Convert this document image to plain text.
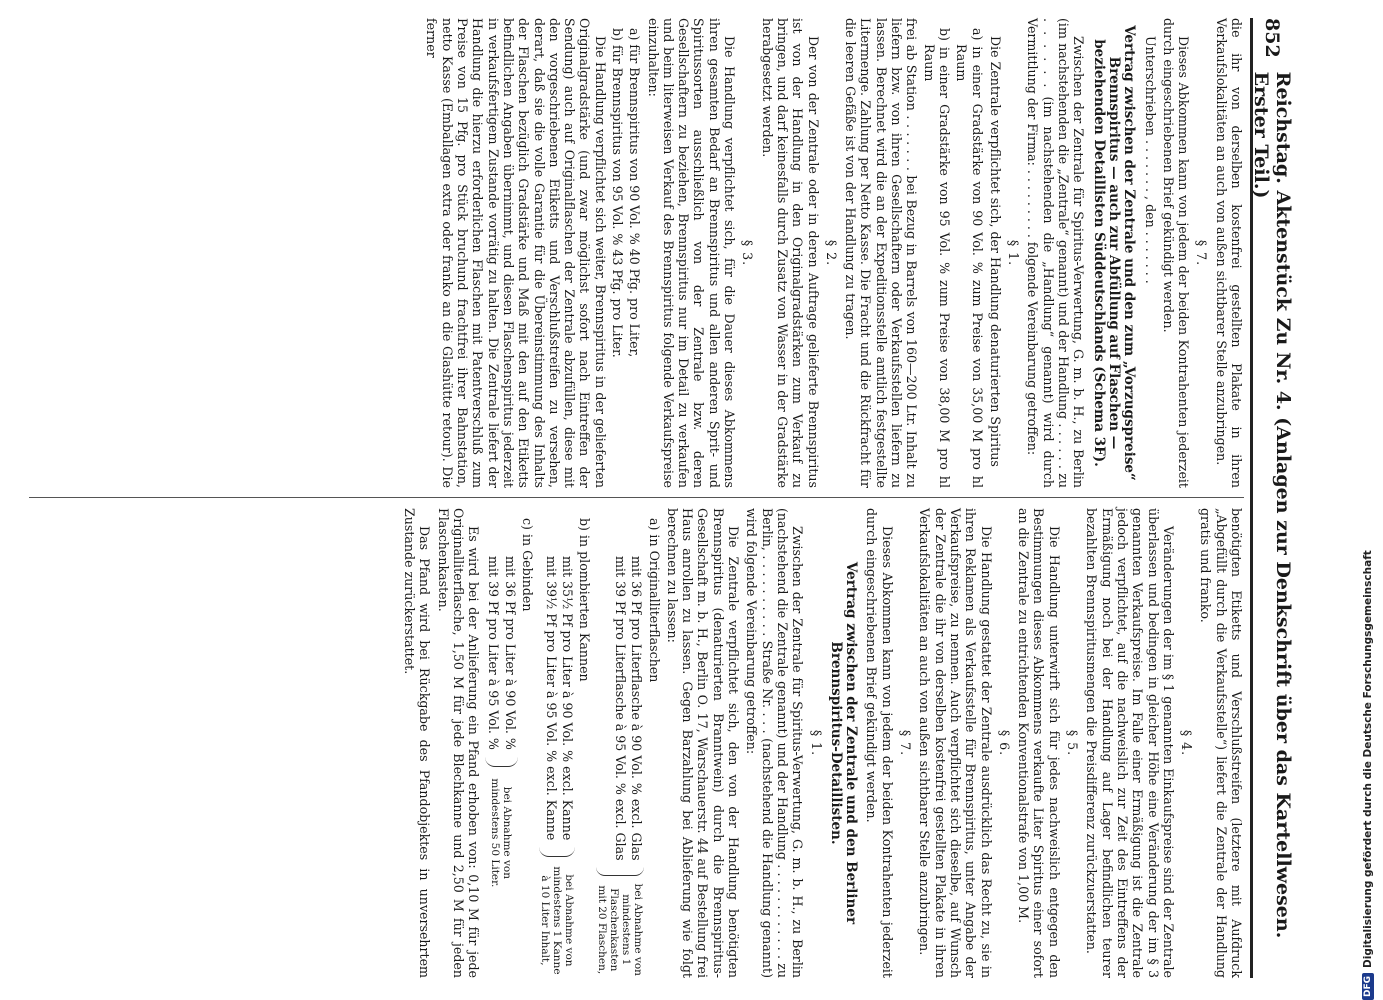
852
Reichstag. Aktenstück Zu Nr. 4. (Anlagen zur Denkschrift über das Kartellwesen. Erster Teil.)

die ihr von derselben kostenfrei gestellten Plakate in ihren Verkaufslokalitäten an auch von außen sichtbarer Stelle anzubringen.

§ 7.

Dieses Abkommen kann von jedem der beiden Kontrahenten jederzeit durch eingeschriebenen Brief gekündigt werden.

Unterschrieben . . . . . . . , den . . . . . . .

Vertrag zwischen der Zentrale und den zum „Vorzugspreise“ Brennspiritus — auch zur Abfüllung auf Flaschen — beziehenden Detaillisten Süddeutschlands (Schema 3F).

Zwischen der Zentrale für Spiritus-Verwertung, G. m. b. H., zu Berlin (im nachstehenden die „Zentrale“ genannt) und der Handlung . . . . . . zu . . . . . . (im nachstehenden die „Handlung“ genannt) wird durch Vermittlung der Firma: . . . . . . . . . folgende Vereinbarung getroffen:

§ 1.

Die Zentrale verpflichtet sich, der Handlung denaturierten Spiritus

a) in einer Gradstärke von 90 Vol. % zum Preise von 35,00 M pro hl Raum
b) in einer Gradstärke von 95 Vol. % zum Preise von 38,00 M pro hl Raum

frei ab Station . . . . . . . bei Bezug in Barrels von 160—200 Ltr. Inhalt zu liefern bzw. von ihren Gesellschaftern oder Verkaufsstellen liefern zu lassen. Berechnet wird die an der Expeditionsstelle amtlich festgestellte Litermenge. Zahlung per Netto Kasse. Die Fracht und die Rückfracht für die leeren Gefäße ist von der Handlung zu tragen.

§ 2.

Der von der Zentrale oder in deren Auftrage gelieferte Brennspiritus ist von der Handlung in den Originalgradstärken zum Verkauf zu bringen, und darf keinesfalls durch Zusatz von Wasser in der Gradstärke herabgesetzt werden.

§ 3.

Die Handlung verpflichtet sich, für die Dauer dieses Abkommens ihren gesamten Bedarf an Brennspiritus und allen anderen Sprit- und Spiritussorten ausschließlich von der Zentrale bzw. deren Gesellschaftern zu beziehen, Brennspiritus nur im Detail zu verkaufen und beim literweisen Verkauf des Brennspiritus folgende Verkaufspreise einzuhalten:

a) für Brennspiritus von 90 Vol. % 40 Pfg. pro Liter,
b) für Brennspiritus von 95 Vol. % 43 Pfg. pro Liter.

Die Handlung verpflichtet sich weiter, Brennspiritus in der gelieferten Originalgradstärke (und zwar möglichst sofort nach Eintreffen der Sendung) auch auf Originalflaschen der Zentrale abzufüllen, diese mit den vorgeschriebenen Etiketts und Verschlußstreifen zu versehen, derart, daß sie die volle Garantie für die Übereinstimmung des Inhalts der Flaschen bezüglich Gradstärke und Maß mit den auf den Etiketts befindlichen Angaben übernimmt, und diesen Flaschenspiritus jederzeit in verkaufsfertigem Zustande vorrätig zu halten. Die Zentrale liefert der Handlung die hierzu erforderlichen Flaschen mit Patentverschluß zum Preise von 15 Pfg. pro Stück bruchund frachtfrei ihrer Bahnstation, netto Kasse (Emballagen extra oder franko an die Glashütte retour). Die ferner

benötigten Etiketts und Verschlußstreifen (letztere mit Aufdruck „Abgefüllt durch die Verkaufsstelle“) liefert die Zentrale der Handlung gratis und franko.

§ 4.

Veränderungen der im § 1 genannten Einkaufspreise sind der Zentrale überlassen und bedingen in gleicher Höhe eine Veränderung der im § 3 genannten Verkaufspreise. Im Falle einer Ermäßigung ist die Zentrale jedoch verpflichtet, auf die nachweislich zur Zeit des Eintreffens der Ermäßigung noch bei der Handlung auf Lager befindlichen teurer bezahlten Brennspiritusmengen die Preisdifferenz zurückzuerstatten.

§ 5.

Die Handlung unterwirft sich für jedes nachweislich entgegen den Bestimmungen dieses Abkommens verkaufte Liter Spiritus einer sofort an die Zentrale zu entrichtenden Konventionalstrafe von 1,00 M.

§ 6.

Die Handlung gestattet der Zentrale ausdrücklich das Recht zu, sie in ihren Reklamen als Verkaufsstelle für Brennspiritus, unter Angabe der Verkaufspreise, zu nennen. Auch verpflichtet sich dieselbe, auf Wunsch der Zentrale die ihr von derselben kostenfrei gestellten Plakate in ihren Verkaufslokalitäten an auch von außen sichtbarer Stelle anzubringen.

§ 7.

Dieses Abkommen kann von jedem der beiden Kontrahenten jederzeit durch eingeschriebenen Brief gekündigt werden.

Vertrag zwischen der Zentrale und den Berliner Brennspiritus-Detaillisten.
§ 1.

Zwischen der Zentrale für Spiritus-Verwertung, G. m. b. H., zu Berlin (nachstehend die Zentrale genannt) und der Handlung . . . . . . . . . . . . zu Berlin, . . . . . . . . . . Straße Nr. . . . (nachstehend die Handlung genannt) wird folgende Vereinbarung getroffen:

Die Zentrale verpflichtet sich, den von der Handlung benötigten Brennspiritus (denaturierten Branntwein) durch die Brennspiritus-Gesellschaft m. b. H., Berlin O. 17, Warschauerstr. 44 auf Bestellung frei Haus anrollen zu lassen. Gegen Barzahlung bei Ablieferung wie folgt berechnen zu lassen:

a) in Originalliterflaschen
mit 36 Pf pro Literflasche à 90 Vol. % excl. Glas
mit 39 Pf pro Literflasche à 95 Vol. % excl. Glas
bei Abnahme von mindestens 1 Flaschenkasten mit 20 Flaschen,
b) in plombierten Kannen
mit 35½ Pf pro Liter à 90 Vol. % excl. Kanne
mit 39½ Pf pro Liter à 95 Vol. % excl. Kanne
bei Abnahme von mindestens 1 Kanne à 10 Liter Inhalt,
c) in Gebinden
mit 36 Pf pro Liter à 90 Vol. %
mit 39 Pf pro Liter à 95 Vol. %
bei Abnahme von mindestens 50 Liter.

Es wird bei der Anlieferung ein Pfand erhoben von: 0,10 M für jede Originalliterflasche, 1,50 M für jede Blechkanne und 2,50 M für jeden Flaschenkasten.

Das Pfand wird bei Rückgabe des Pfandobjektes in unversehrtem Zustande zurückerstattet.

DFG
Digitalisierung gefördert durch die Deutsche Forschungsgemeinschaft
